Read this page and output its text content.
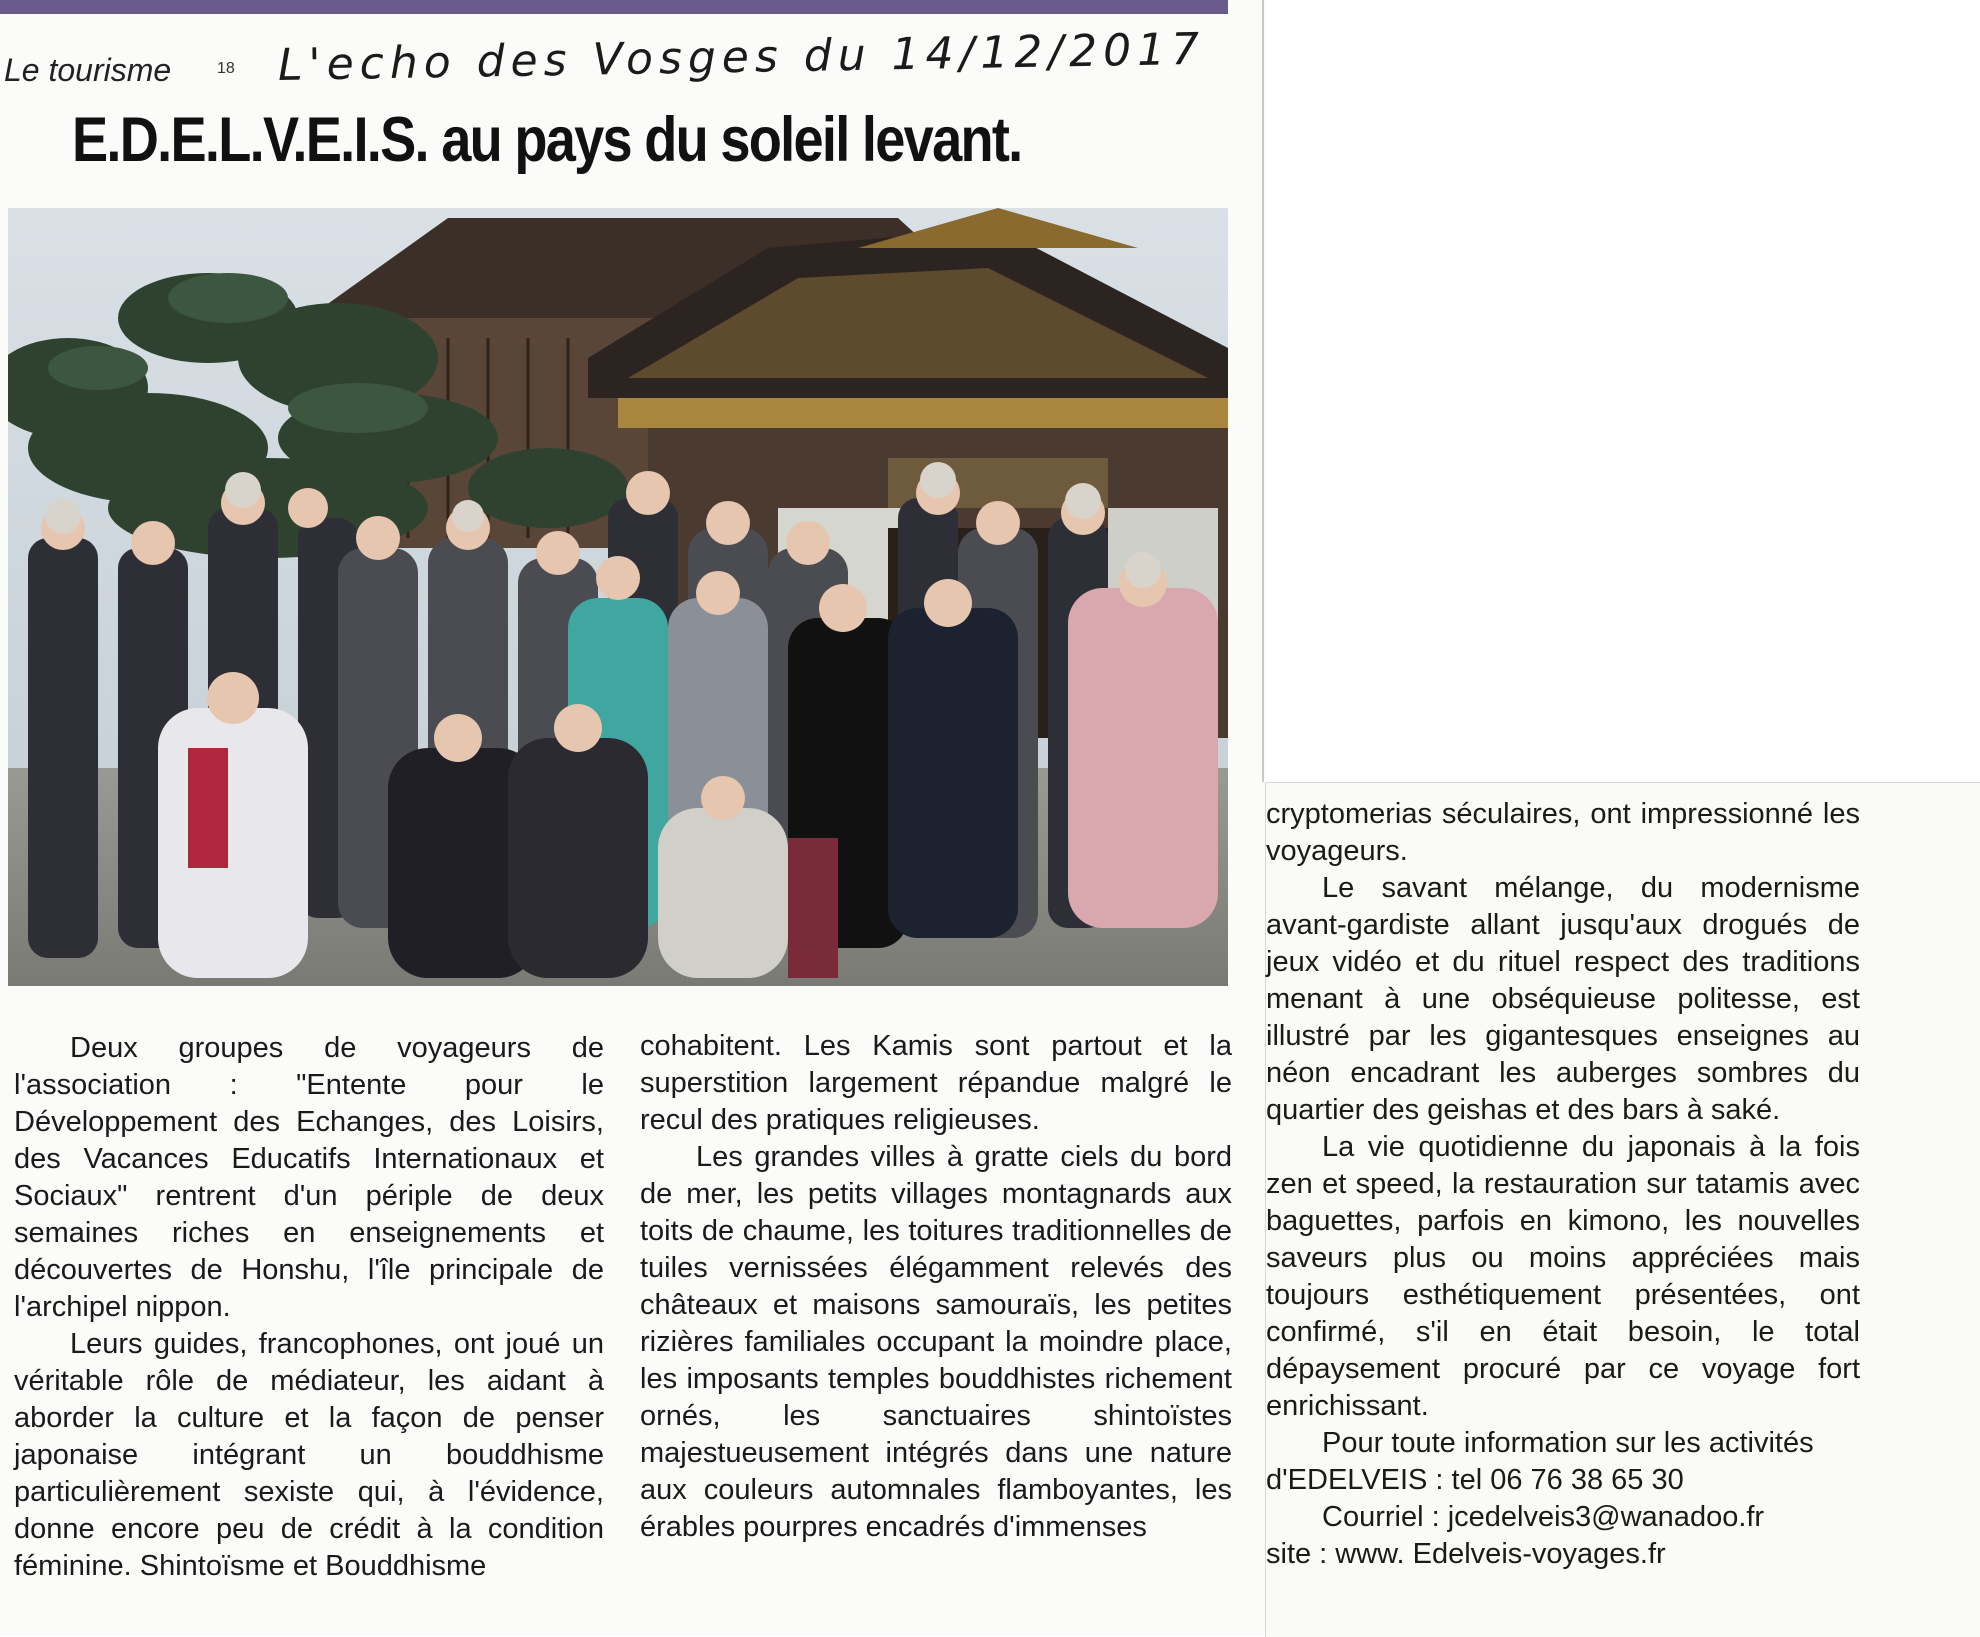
Le tourisme	18 L'echo des Vosges du 14/12/2017
E.D.E.L.V.E.I.S. au pays du soleil levant.

Deux groupes de voyageurs de l'association : "Entente pour le Développement des Echanges, des Loisirs, des Vacances Educatifs Internationaux et Sociaux" rentrent d'un périple de deux semaines riches en enseignements et découvertes de Honshu, l'île principale de l'archipel nippon.

Leurs guides, francophones, ont joué un véritable rôle de médiateur, les aidant à aborder la culture et la façon de penser japonaise intégrant un bouddhisme particulièrement sexiste qui, à l'évidence, donne encore peu de crédit à la condition féminine. Shintoïsme et Bouddhisme

cohabitent. Les Kamis sont partout et la superstition largement répandue malgré le recul des pratiques religieuses.

Les grandes villes à gratte ciels du bord de mer, les petits villages montagnards aux toits de chaume, les toitures traditionnelles de tuiles vernissées élégamment relevés des châteaux et maisons samouraïs, les petites rizières familiales occupant la moindre place, les imposants temples bouddhistes richement ornés, les sanctuaires shintoïstes majestueusement intégrés dans une nature aux couleurs automnales flamboyantes, les érables pourpres encadrés d'immenses

cryptomerias séculaires, ont impressionné les voyageurs.

Le savant mélange, du modernisme avant-gardiste allant jusqu'aux drogués de jeux vidéo et du rituel respect des traditions menant à une obséquieuse politesse, est illustré par les gigantesques enseignes au néon encadrant les auberges sombres du quartier des geishas et des bars à saké.

La vie quotidienne du japonais à la fois zen et speed, la restauration sur tatamis avec baguettes, parfois en kimono, les nouvelles saveurs plus ou moins appréciées mais toujours esthétiquement présentées, ont confirmé, s'il en était besoin, le total dépaysement procuré par ce voyage fort enrichissant.

Pour toute information sur les activités d'EDELVEIS : tel 06 76 38 65 30

Courriel : jcedelveis3@wanadoo.fr
site : www. Edelveis-voyages.fr
